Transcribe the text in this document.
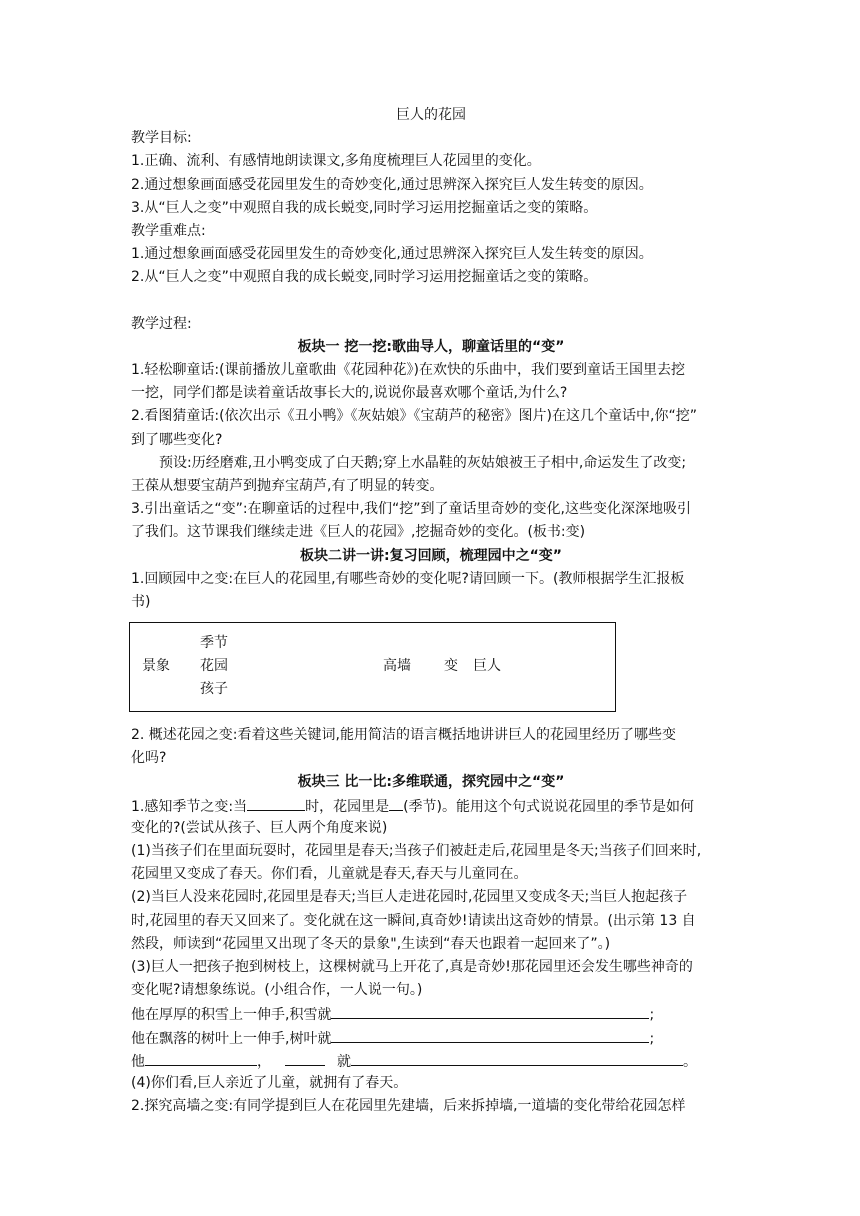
巨人的花园
教学目标:
1.正确、流利、有感情地朗读课文,多角度梳理巨人花园里的变化。
2.通过想象画面感受花园里发生的奇妙变化,通过思辨深入探究巨人发生转变的原因。
3.从“巨人之变”中观照自我的成长蜕变,同时学习运用挖掘童话之变的策略。
教学重难点:
1.通过想象画面感受花园里发生的奇妙变化,通过思辨深入探究巨人发生转变的原因。
2.从“巨人之变”中观照自我的成长蜕变,同时学习运用挖掘童话之变的策略。
教学过程:
板块一 挖一挖:歌曲导人，聊童话里的“变”
1.轻松聊童话:(课前播放儿童歌曲《花园种花》)在欢快的乐曲中，我们要到童话王国里去挖
一挖，同学们都是读着童话故事长大的,说说你最喜欢哪个童话,为什么?
2.看图猜童话:(依次出示《丑小鸭》《灰姑娘》《宝葫芦的秘密》图片)在这几个童话中,你“挖”
到了哪些变化?
预设:历经磨难,丑小鸭变成了白天鹅;穿上水晶鞋的灰姑娘被王子相中,命运发生了改变;
王葆从想要宝葫芦到抛弃宝葫芦,有了明显的转变。
3.引出童话之“变”:在聊童话的过程中,我们“挖”到了童话里奇妙的变化,这些变化深深地吸引
了我们。这节课我们继续走进《巨人的花园》,挖掘奇妙的变化。(板书:变)
板块二讲一讲:复习回顾，梳理园中之“变”
1.回顾园中之变:在巨人的花园里,有哪些奇妙的变化呢?请回顾一下。(教师根据学生汇报板
书)
景象
季节
花园
孩子
高墙 变 巨人
2. 概述花园之变:看着这些关键词,能用简洁的语言概括地讲讲巨人的花园里经历了哪些变
化吗?
板块三 比一比:多维联通，探究园中之“变”
1.感知季节之变:当	时，花园里是 (季节)。能用这个句式说说花园里的季节是如何
变化的?(尝试从孩子、巨人两个角度来说)
(1)当孩子们在里面玩耍时，花园里是春天;当孩子们被赶走后,花园里是冬天;当孩子们回来时,
花园里又变成了春天。你们看，儿童就是春天,春天与儿童同在。
(2)当巨人没来花园时,花园里是春天;当巨人走进花园时,花园里又变成冬天;当巨人抱起孩子
时,花园里的春天又回来了。变化就在这一瞬间,真奇妙!请读出这奇妙的情景。(出示第 13 自
然段，师读到“花园里又出现了冬天的景象",生读到“春天也跟着一起回来了”。)
(3)巨人一把孩子抱到树枝上，这棵树就马上开花了,真是奇妙!那花园里还会发生哪些神奇的
变化呢?请想象练说。(小组合作，一人说一句。)
他在厚厚的积雪上一伸手,积雪就	;
他在飘落的树叶上一伸手,树叶就	;
他	，	就	。
(4)你们看,巨人亲近了儿童，就拥有了春天。
2.探究高墙之变:有同学提到巨人在花园里先建墙，后来拆掉墙,一道墙的变化带给花园怎样
